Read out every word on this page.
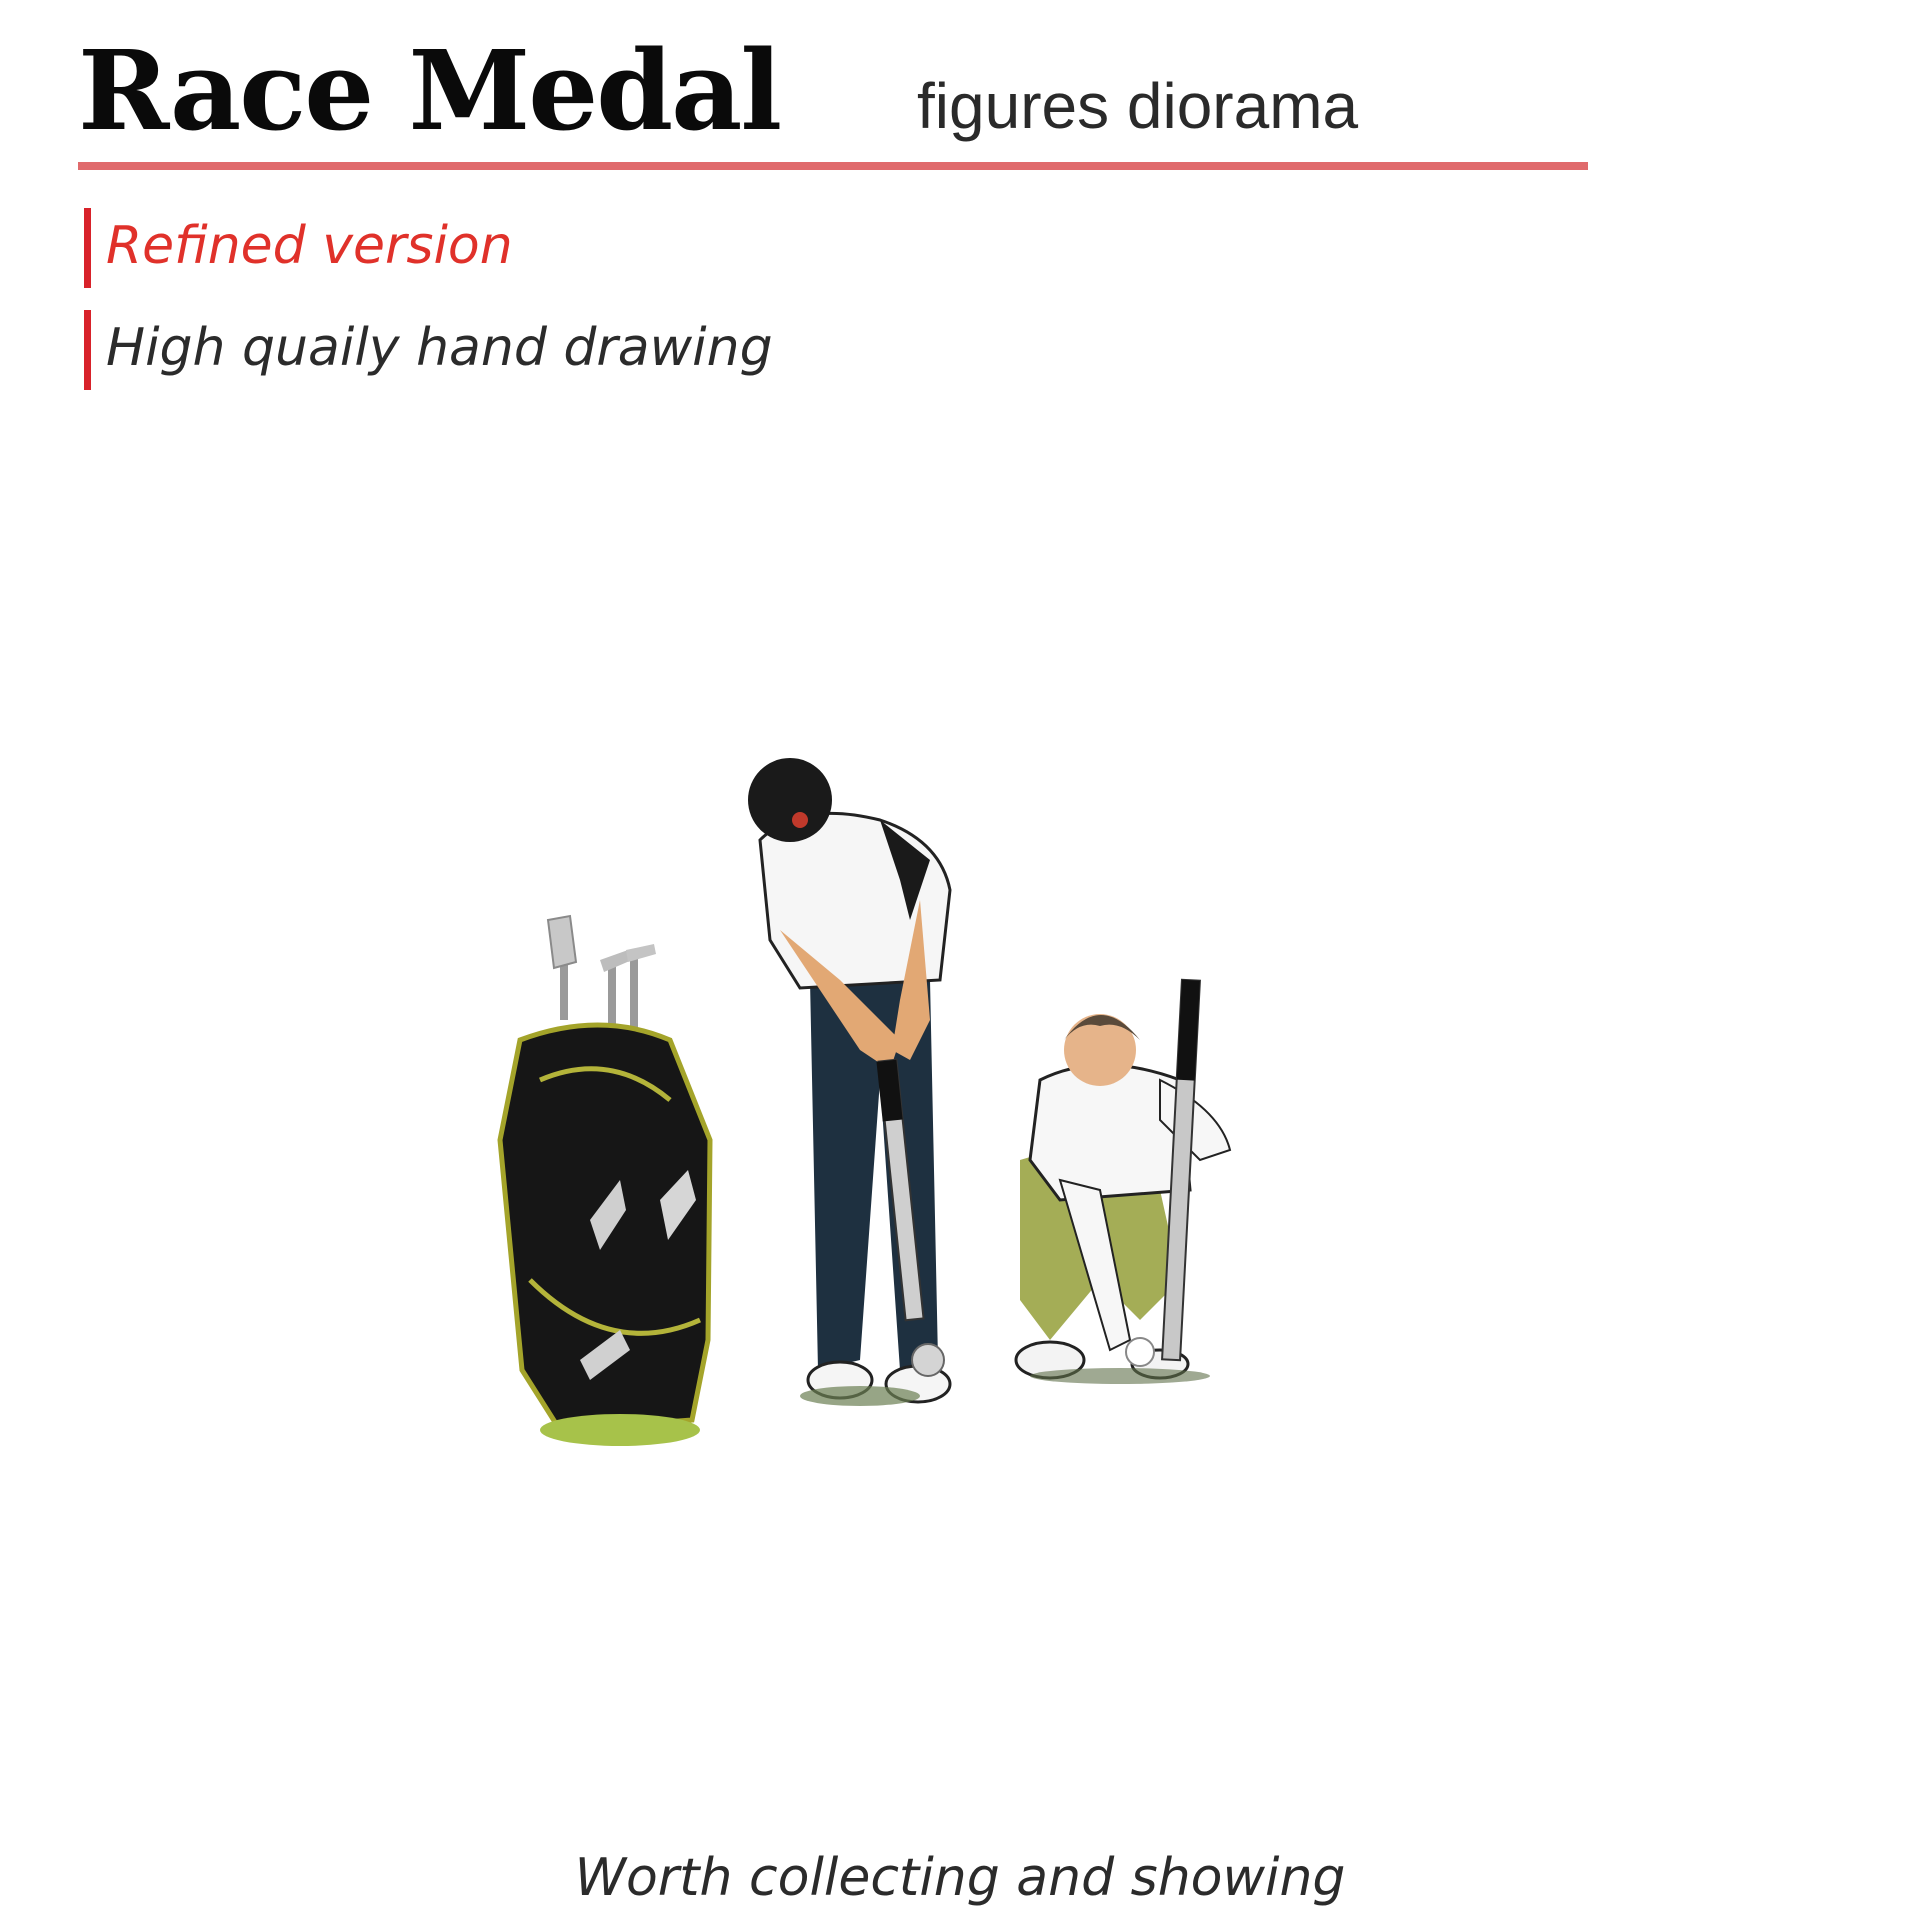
Race Medal figures diorama
Refined version
High quaily hand drawing
Worth collecting and showing
